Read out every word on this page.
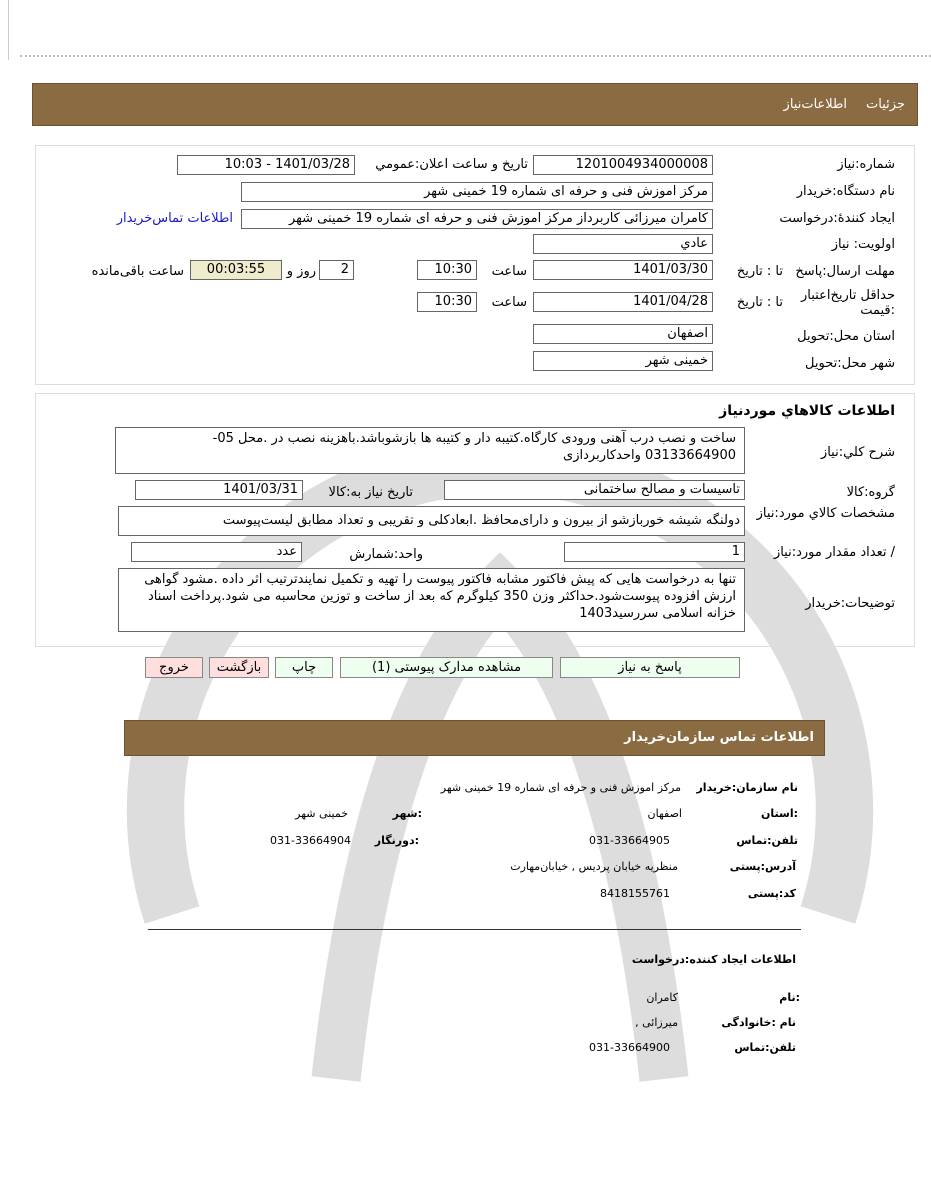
جزئیات
اطلاعات‌نیاز
شماره:نیاز
1201004934000008
تاریخ و ساعت اعلان:عمومي
1401/03/28 - 10:03
نام دستگاه:خریدار
مرکز اموزش فنی و حرفه ای شماره 19 خمینی شهر
ایجاد کنندهٔ:درخواست
کامران میرزائی کاربرداز مرکز اموزش فنی و حرفه ای شماره 19 خمینی شهر
اطلاعات تماس‌خریدار
اولویت: نیاز
عادي
مهلت ارسال:پاسخ
تا : تاریخ
1401/03/30
ساعت
10:30
2
روز و
00:03:55
ساعت باقی‌مانده
حداقل تاریخ‌اعتبار :قیمت
تا : تاریخ
1401/04/28
ساعت
10:30
استان محل:تحویل
اصفهان
شهر محل:تحویل
خمینی شهر
اطلاعات کالاهاي موردنیاز
شرح کلي:نیاز
ساخت و نصب درب آهنی ورودی کارگاه.کتیبه دار و کتیبه ها بازشوباشد.باهزینه نصب در .محل 05-03133664900 واحدکاربردازی
گروه:کالا
تاسیسات و مصالح ساختمانی
تاریخ نیاز به:کالا
1401/03/31
مشخصات کالاي مورد:نیاز
دولنگه شیشه خوربازشو از بیرون و دارای‌محافظ .ابعادکلی و تقریبی و تعداد مطابق لیست‌پیوست
/ تعداد مقدار مورد:نیاز
1
واحد:شمارش
عدد
توضیحات:خریدار
تنها به درخواست هایی که پیش فاکتور مشابه فاکتور پیوست را تهیه و تکمیل نمایندترتیب اثر داده .مشود گواهی ارزش افزوده پیوست‌شود.حداکثر وزن 350 کیلوگرم که بعد از ساخت و توزین محاسبه می شود.پرداخت اسناد خزانه اسلامی سررسید1403
پاسخ به نیاز
مشاهده مدارک پیوستی (1)
چاپ
بازگشت
خروج
اطلاعات تماس سازمان‌خریدار
نام سازمان:خریدار
مرکز اموزش فنی و حرفه ای شماره 19 خمینی شهر
:استان
اصفهان
:شهر
خمینی شهر
تلفن:تماس
031-33664905
:دورنگار
031-33664904
آدرس:پستی
منظریه خیابان پردیس , خیابان‌مهارت
کد:پستی
8418155761
اطلاعات ایجاد کننده:درخواست
:نام
کامران
نام :خانوادگی
میرزائی ,
تلفن:تماس
031-33664900
